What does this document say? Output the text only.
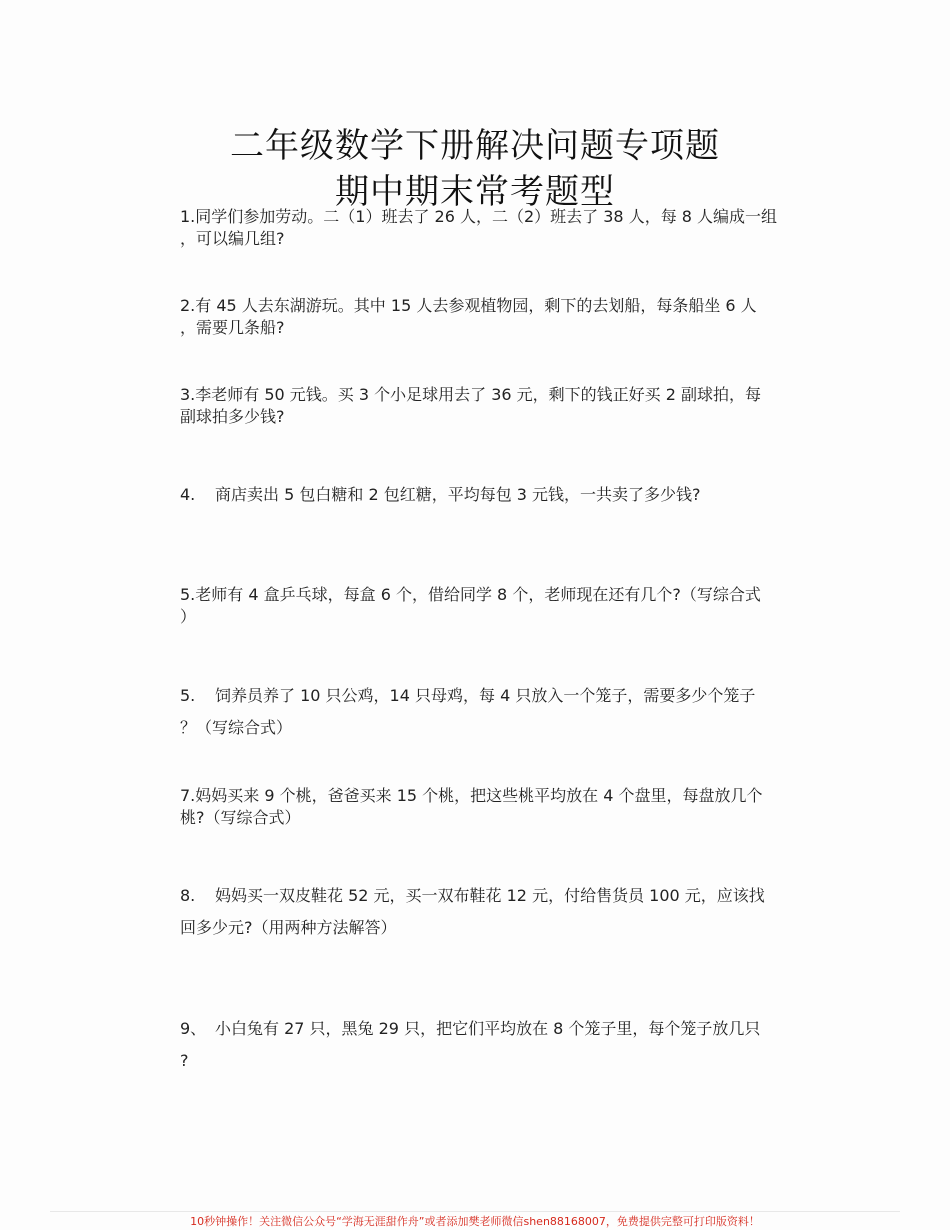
二年级数学下册解决问题专项题
期中期末常考题型
1.同学们参加劳动。二（1）班去了 26 人，二（2）班去了 38 人，每 8 人编成一组
，可以编几组?
2.有 45 人去东湖游玩。其中 15 人去参观植物园，剩下的去划船，每条船坐 6 人
，需要几条船?
3.李老师有 50 元钱。买 3 个小足球用去了 36 元，剩下的钱正好买 2 副球拍，每
副球拍多少钱?
4. 商店卖出 5 包白糖和 2 包红糖，平均每包 3 元钱，一共卖了多少钱?
5.老师有 4 盒乒乓球，每盒 6 个，借给同学 8 个，老师现在还有几个?（写综合式
）
5. 饲养员养了 10 只公鸡，14 只母鸡，每 4 只放入一个笼子，需要多少个笼子
？（写综合式）
7.妈妈买来 9 个桃，爸爸买来 15 个桃，把这些桃平均放在 4 个盘里，每盘放几个
桃?（写综合式）
8. 妈妈买一双皮鞋花 52 元，买一双布鞋花 12 元，付给售货员 100 元，应该找
回多少元?（用两种方法解答）
9、 小白兔有 27 只，黑兔 29 只，把它们平均放在 8 个笼子里，每个笼子放几只
?
10秒钟操作！关注微信公众号“学海无涯甜作舟”或者添加樊老师微信shen88168007，免费提供完整可打印版资料！
